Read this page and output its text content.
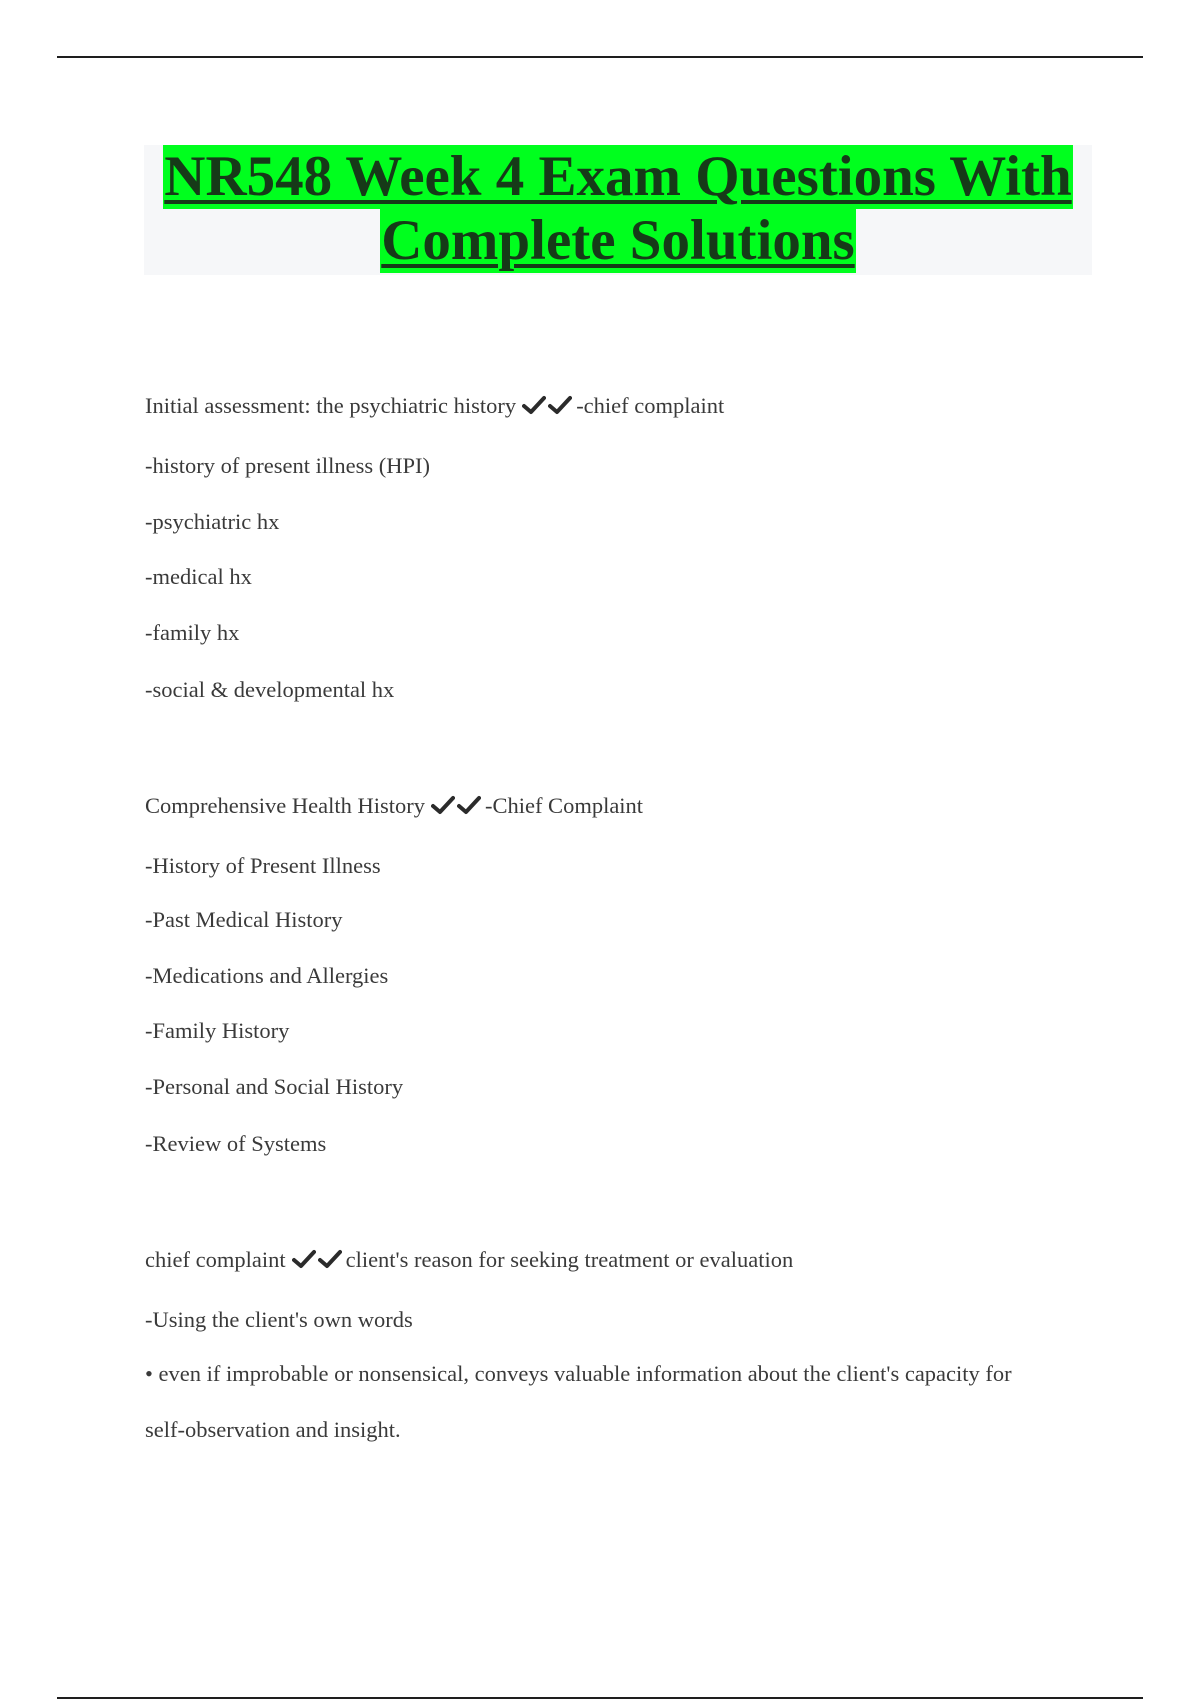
NR548 Week 4 Exam Questions With
Complete Solutions

Initial assessment: the psychiatric history	-chief complaint

-history of present illness (HPI)

-psychiatric hx

-medical hx

-family hx

-social & developmental hx

Comprehensive Health History	-Chief Complaint

-History of Present Illness

-Past Medical History

-Medications and Allergies

-Family History

-Personal and Social History

-Review of Systems

chief complaint	client's reason for seeking treatment or evaluation

-Using the client's own words

• even if improbable or nonsensical, conveys valuable information about the client's capacity for

self-observation and insight.
